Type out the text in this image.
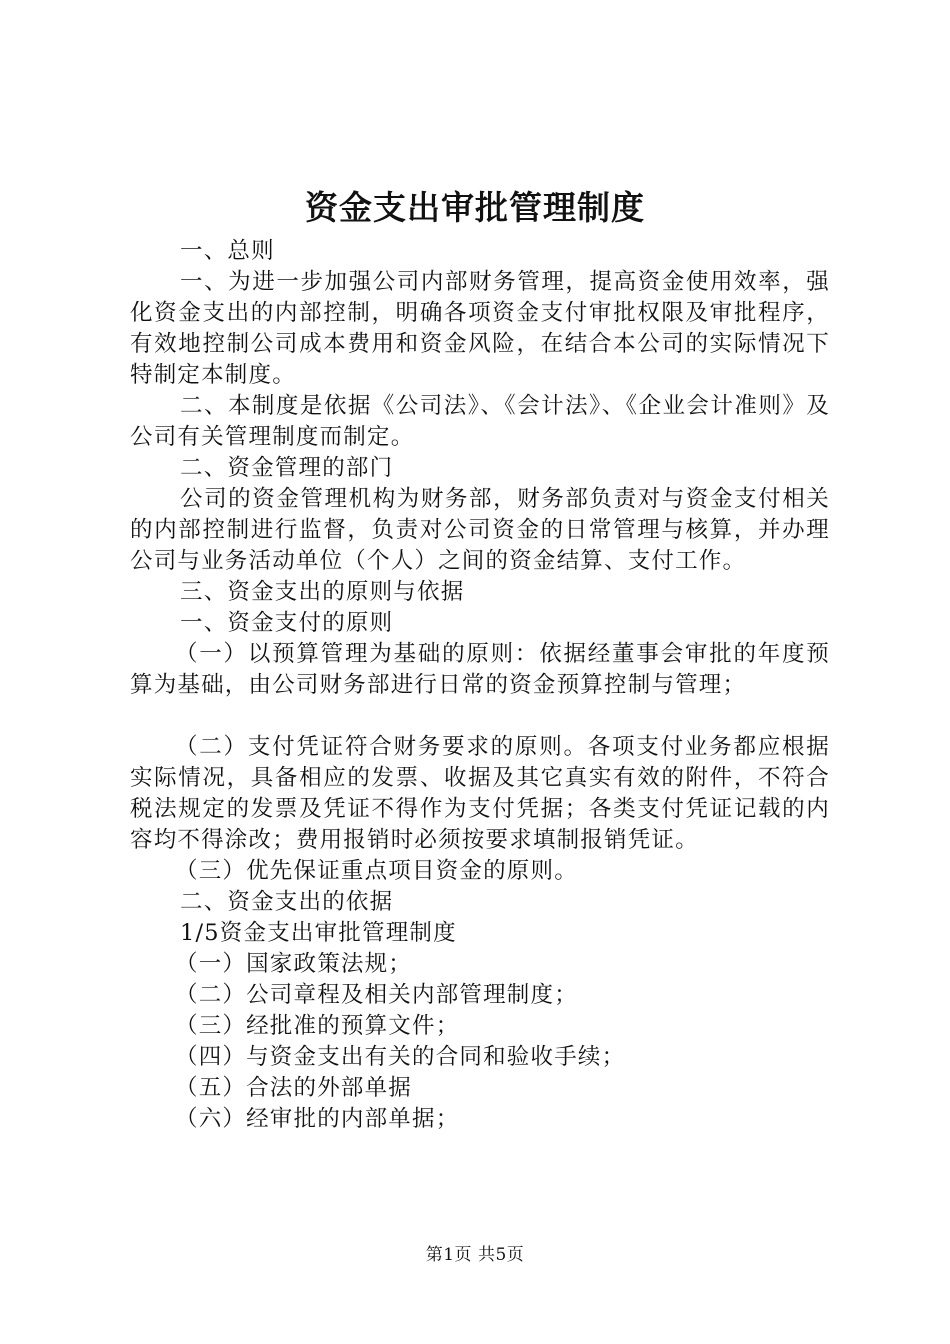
资金支出审批管理制度

一、总则

一、为进一步加强公司内部财务管理，提高资金使用效率，强化资金支出的内部控制，明确各项资金支付审批权限及审批程序，有效地控制公司成本费用和资金风险，在结合本公司的实际情况下特制定本制度。

二、本制度是依据《公司法》、《会计法》、《企业会计准则》及公司有关管理制度而制定。

二、资金管理的部门

公司的资金管理机构为财务部，财务部负责对与资金支付相关的内部控制进行监督，负责对公司资金的日常管理与核算，并办理公司与业务活动单位（个人）之间的资金结算、支付工作。

三、资金支出的原则与依据

一、资金支付的原则

（一）以预算管理为基础的原则：依据经董事会审批的年度预算为基础，由公司财务部进行日常的资金预算控制与管理；

（二）支付凭证符合财务要求的原则。各项支付业务都应根据实际情况，具备相应的发票、收据及其它真实有效的附件，不符合税法规定的发票及凭证不得作为支付凭据；各类支付凭证记载的内容均不得涂改；费用报销时必须按要求填制报销凭证。

（三）优先保证重点项目资金的原则。

二、资金支出的依据

1/5资金支出审批管理制度

（一）国家政策法规；

（二）公司章程及相关内部管理制度；

（三）经批准的预算文件；

（四）与资金支出有关的合同和验收手续；

（五）合法的外部单据

（六）经审批的内部单据；

第1页 共5页
